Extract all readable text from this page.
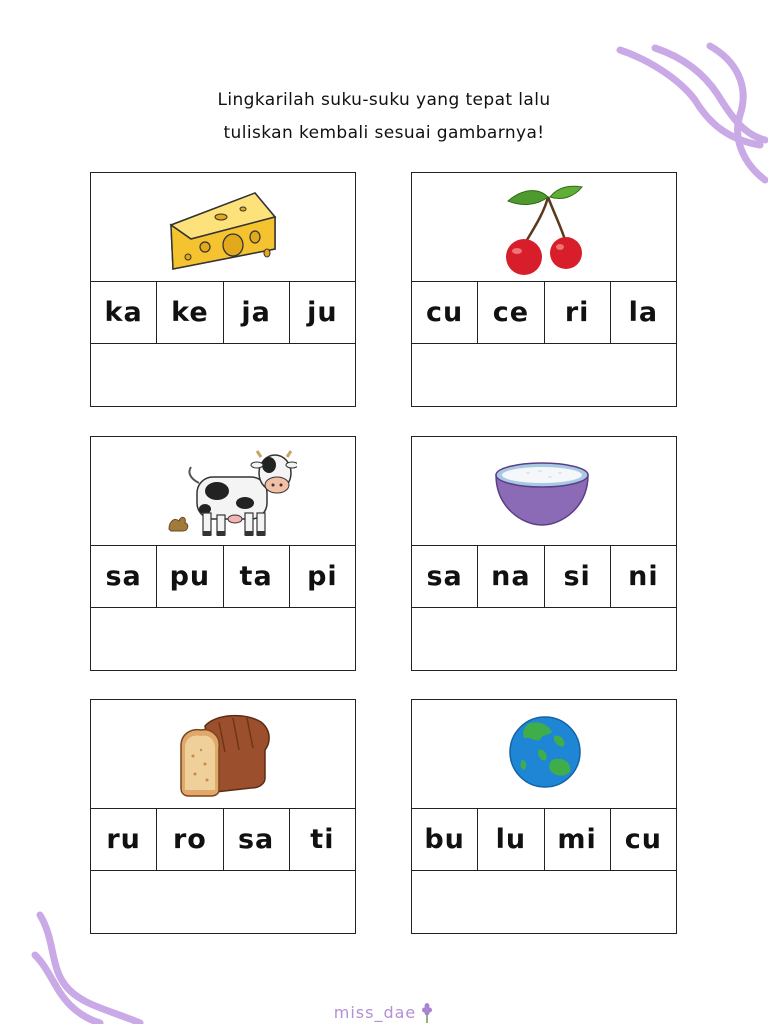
Lingkarilah suku-suku yang tepat lalu
tuliskan kembali sesuai gambarnya!
ka	ke	ja	ju	cu	ce	ri	la
sa	pu	ta	pi	sa	na	si	ni
ru	ro	sa	ti	bu	lu	mi	cu
miss_dae
